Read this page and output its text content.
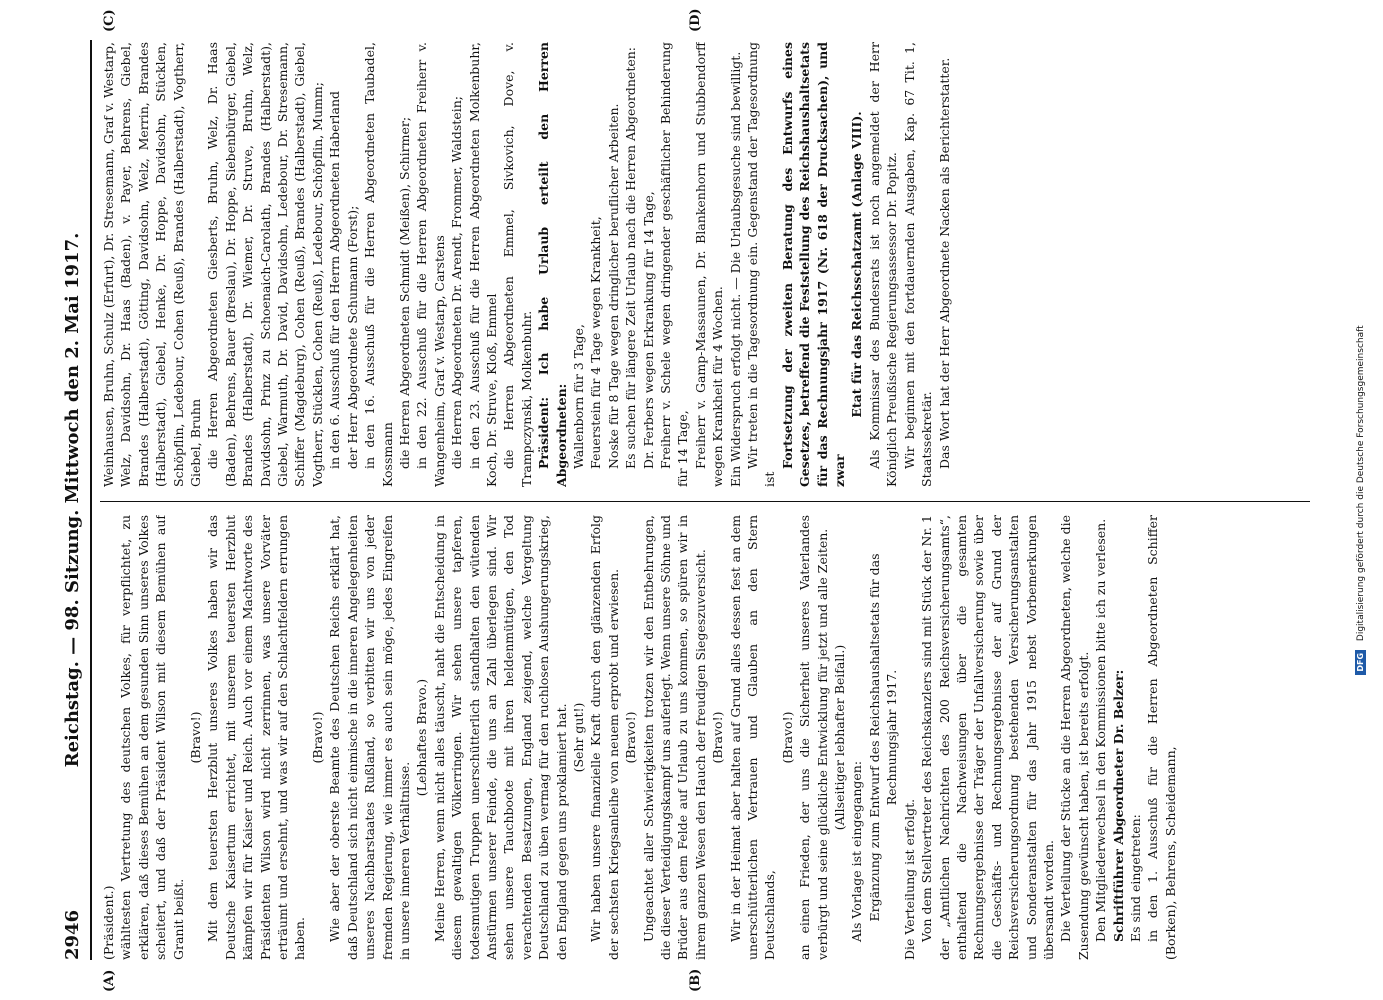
2946
Reichstag. — 98. Sitzung. Mittwoch den 2. Mai 1917.

(Präsident.) wähltesten Vertretung des deutschen Volkes, für verpflichtet, zu erklären, daß dieses Bemühen an dem gesunden Sinn unseres Volkes scheitert, und daß der Präsident Wilson mit diesem Bemühen auf Granit beißt.

(Bravo!) Mit dem teuersten Herzblut unseres Volkes haben wir das Deutsche Kaisertum errichtet, mit unserem teuersten Herzblut kämpfen wir für Kaiser und Reich. Auch vor einem Machtworte des Präsidenten Wilson wird nicht zerrinnen, was unsere Vorväter erträumt und ersehnt, und was wir auf den Schlachtfeldern errungen haben.

(Bravo!) Wie aber der oberste Beamte des Deutschen Reichs erklärt hat, daß Deutschland sich nicht einmische in die inneren Angelegenheiten unseres Nachbarstaates Rußland, so verbitten wir uns von jeder fremden Regierung, wie immer es auch sein möge, jedes Eingreifen in unsere inneren Verhältnisse.

(Lebhaftes Bravo.) Meine Herren, wenn nicht alles täuscht, naht die Entscheidung in diesem gewaltigen Völkerringen. Wir sehen unsere tapferen, todesmutigen Truppen unerschütterlich standhalten den wütenden Anstürmen unserer Feinde, die uns an Zahl überlegen sind. Wir sehen unsere Tauchboote mit ihren heldenmütigen, den Tod verachtenden Besatzungen, England zeigend, welche Vergeltung Deutschland zu üben vermag für den ruchlosen Aushungerungskrieg, den England gegen uns proklamiert hat. (Sehr gut!) Wir haben unsere finanzielle Kraft durch den glänzenden Erfolg der sechsten Kriegsanleihe von neuem erprobt und erwiesen. (Bravo!) Ungeachtet aller Schwierigkeiten trotzen wir den Entbehrungen, die dieser Verteidigungskampf uns auferlegt. Wenn unsere Söhne und Brüder aus dem Felde auf Urlaub zu uns kommen, so spüren wir in ihrem ganzen Wesen den Hauch der freudigen Siegeszuversicht. (Bravo!) Wir in der Heimat aber halten auf Grund alles dessen fest an dem unerschütterlichen Vertrauen und Glauben an den Stern Deutschlands,

(Bravo!) an einen Frieden, der uns die Sicherheit unseres Vaterlandes verbürgt und seine glückliche Entwicklung für jetzt und alle Zeiten. (Allseitiger lebhafter Beifall.)

Als Vorlage ist eingegangen: Ergänzung zum Entwurf des Reichshaushaltsetats für das Rechnungsjahr 1917.

Die Verteilung ist erfolgt. Von dem Stellvertreter des Reichskanzlers sind mit Stück der Nr. 1 der „Amtlichen Nachrichten des 200 Reichsversicherungsamts“, enthaltend die Nachweisungen über die gesamten Rechnungsergebnisse der Träger der Unfallversicherung sowie über die Geschäfts- und Rechnungsergebnisse der auf Grund der Reichsversicherungsordnung bestehenden Versicherungsanstalten und Sonderanstalten für das Jahr 1915 nebst Vorbemerkungen übersandt worden. Die Verteilung der Stücke an die Herren Abgeordneten, welche die Zusendung gewünscht haben, ist bereits erfolgt. Den Mitgliederwechsel in den Kommissionen bitte ich zu verlesen. Schriftführer Abgeordneter Dr. Belzer: Es sind eingetreten: in den 1. Ausschuß für die Herren Abgeordneten Schiffer (Borken), Behrens, Scheidemann,

Weinhausen, Bruhn, Schulz (Erfurt), Dr. Stresemann, Graf v. Westarp, Welz, Davidsohn, Dr. Haas (Baden), v. Payer, Behrens, Giebel, Brandes (Halberstadt), Götting, Davidsohn, Welz, Merrin, Brandes (Halberstadt), Giebel, Henke, Dr. Hoppe, Davidsohn, Stücklen, Schöpflin, Ledebour, Cohen (Reuß), Brandes (Halberstadt), Vogtherr, Giebel, Bruhn die Herren Abgeordneten Giesberts, Bruhn, Welz, Dr. Haas (Baden), Behrens, Bauer (Breslau), Dr. Hoppe, Siebenbürger, Giebel, Brandes (Halberstadt), Dr. Wiemer, Dr. Struve, Bruhn, Welz, Davidsohn, Prinz zu Schoenaich-Carolath, Brandes (Halberstadt), Giebel, Warmuth, Dr. David, Davidsohn, Ledebour, Dr. Stresemann, Schiffer (Magdeburg), Cohen (Reuß), Brandes (Halberstadt), Giebel, Vogtherr, Stücklen, Cohen (Reuß), Ledebour, Schöpflin, Mumm; in den 6. Ausschuß für den Herrn Abgeordneten Haberland der Herr Abgeordnete Schumann (Forst); in den 16. Ausschuß für die Herren Abgeordneten Taubadel, Kossmann die Herren Abgeordneten Schmidt (Meißen), Schirmer; in den 22. Ausschuß für die Herren Abgeordneten Freiherr v. Wangenheim, Graf v. Westarp, Carstens die Herren Abgeordneten Dr. Arendt, Frommer, Waldstein; in den 23. Ausschuß für die Herren Abgeordneten Molkenbuhr, Koch, Dr. Struve, Kloß, Emmel die Herren Abgeordneten Emmel, Sivkovich, Dove, v. Trampczynski, Molkenbuhr. Präsident: Ich habe Urlaub erteilt den Herren Abgeordneten: Wallenborn für 3 Tage, Feuerstein für 4 Tage wegen Krankheit, Noske für 8 Tage wegen dringlicher beruflicher Arbeiten. Es suchen für längere Zeit Urlaub nach die Herren Abgeordneten: Dr. Ferbers wegen Erkrankung für 14 Tage, Freiherr v. Schele wegen dringender geschäftlicher Behinderung für 14 Tage, Freiherr v. Gamp-Massaunen, Dr. Blankenhorn und Stubbendorff wegen Krankheit für 4 Wochen. Ein Widerspruch erfolgt nicht. — Die Urlaubsgesuche sind bewilligt. Wir treten in die Tagesordnung ein. Gegenstand der Tagesordnung ist

Fortsetzung der zweiten Beratung des Entwurfs eines Gesetzes, betreffend die Feststellung des Reichshaushaltsetats für das Rechnungsjahr 1917 (Nr. 618 der Drucksachen), und zwar

Etat für das Reichsschatzamt (Anlage VIII). Als Kommissar des Bundesrats ist noch angemeldet der Herr Königlich Preußische Regierungsassessor Dr. Popitz. Wir beginnen mit den fortdauernden Ausgaben, Kap. 67 Tit. 1, Staatssekretär. Das Wort hat der Herr Abgeordnete Nacken als Berichterstatter.

(A)	(B)
(C)	(D)
DFG Digitalisierung gefördert durch die Deutsche Forschungsgemeinschaft
